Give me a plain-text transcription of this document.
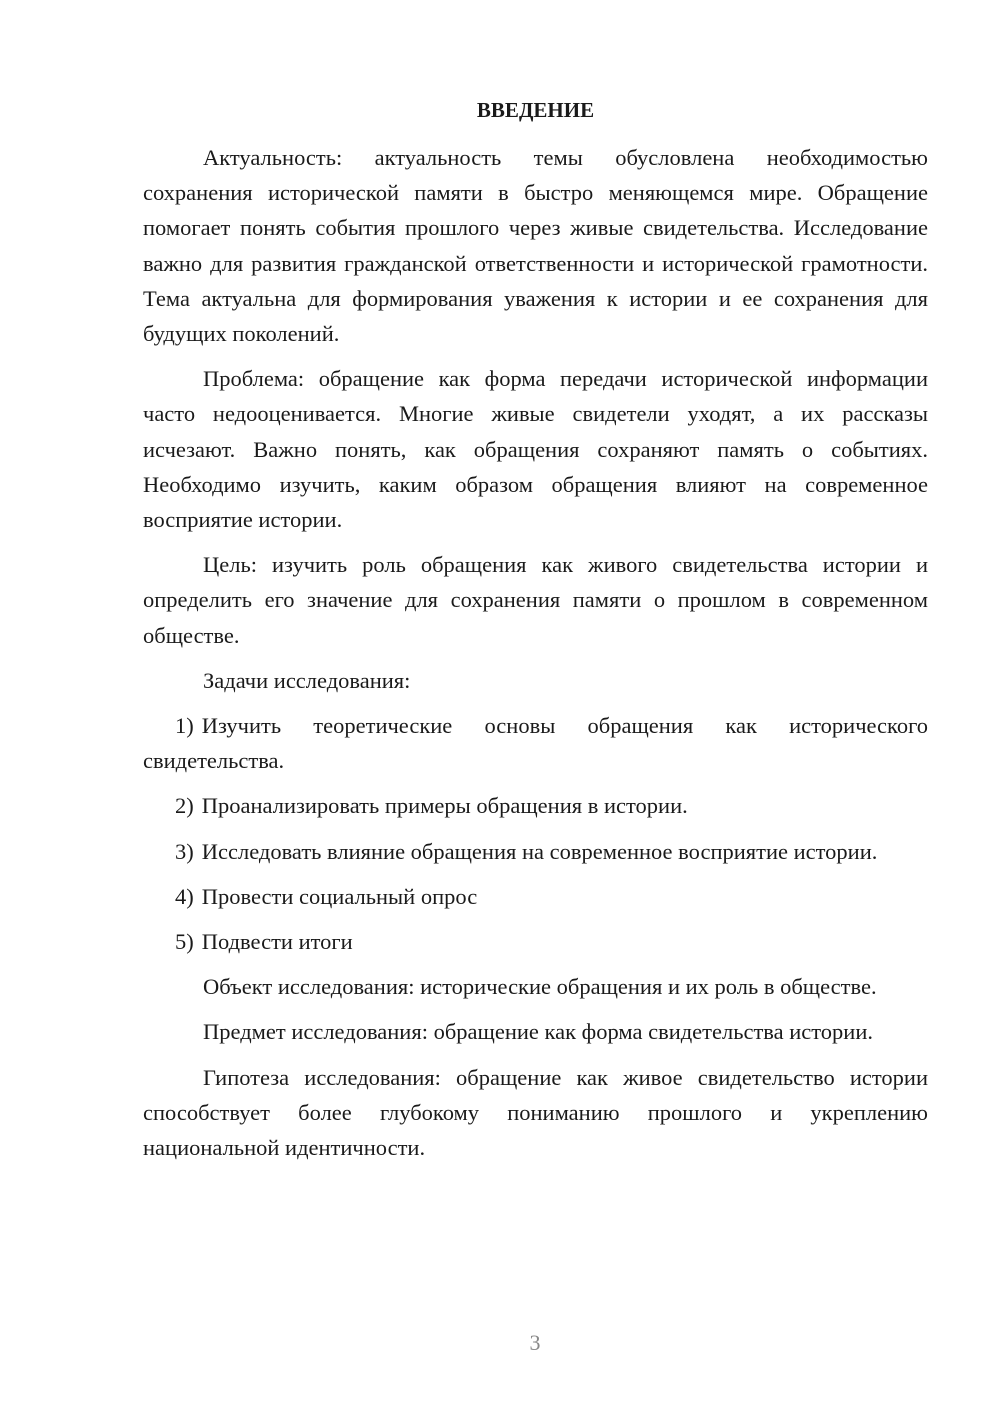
ВВЕДЕНИЕ

Актуальность: актуальность темы обусловлена необходимостью сохранения исторической памяти в быстро меняющемся мире. Обращение помогает понять события прошлого через живые свидетельства. Исследование важно для развития гражданской ответственности и исторической грамотности. Тема актуальна для формирования уважения к истории и ее сохранения для будущих поколений.

Проблема: обращение как форма передачи исторической информации часто недооценивается. Многие живые свидетели уходят, а их рассказы исчезают. Важно понять, как обращения сохраняют память о событиях. Необходимо изучить, каким образом обращения влияют на современное восприятие истории.

Цель: изучить роль обращения как живого свидетельства истории и определить его значение для сохранения памяти о прошлом в современном обществе.

Задачи исследования:

1) Изучить теоретические основы обращения как исторического свидетельства.

2) Проанализировать примеры обращения в истории.

3) Исследовать влияние обращения на современное восприятие истории.

4) Провести социальный опрос

5) Подвести итоги

Объект исследования: исторические обращения и их роль в обществе.

Предмет исследования: обращение как форма свидетельства истории.

Гипотеза исследования: обращение как живое свидетельство истории способствует более глубокому пониманию прошлого и укреплению национальной идентичности.

3
